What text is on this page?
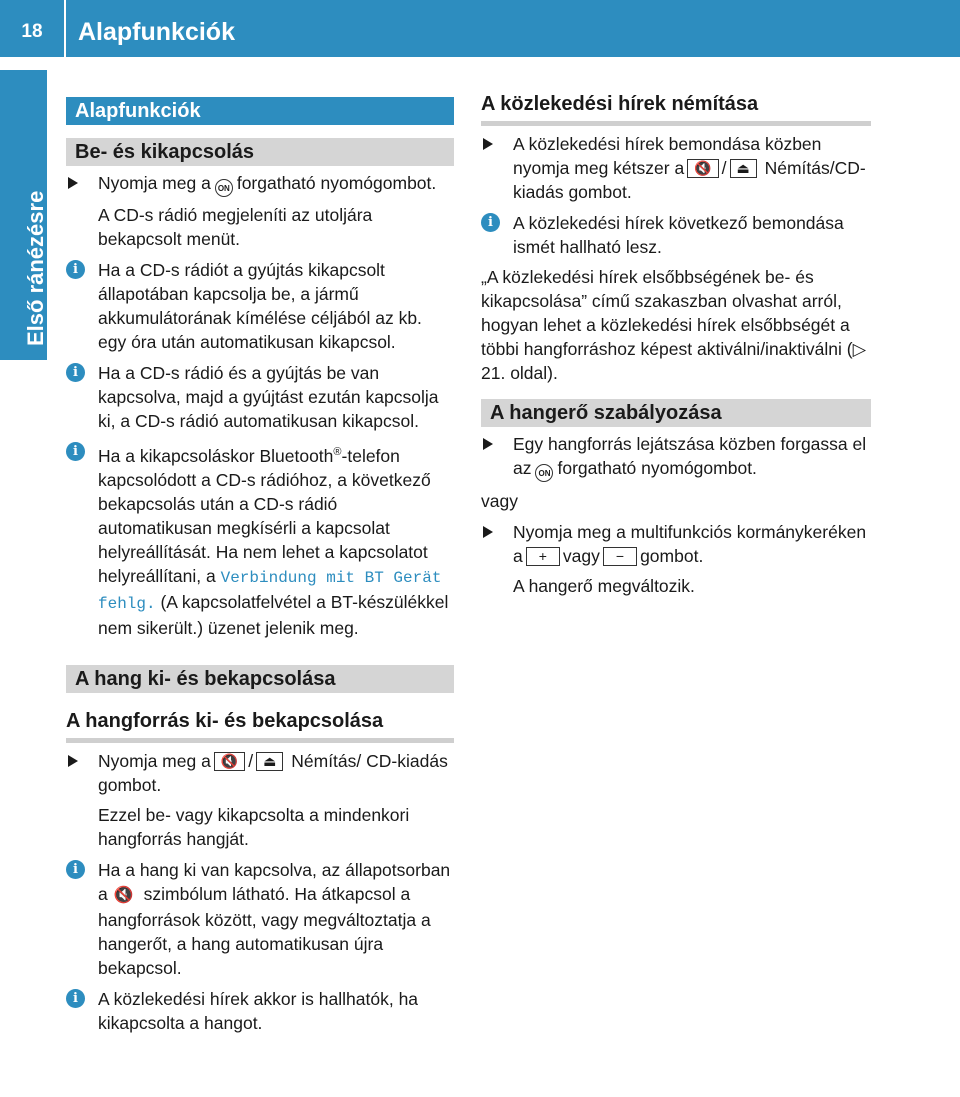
18	Alapfunkciók
Első ránézésre
Alapfunkciók
Be- és kikapcsolás
Nyomja meg a ON forgatható nyomógombot.
A CD-s rádió megjeleníti az utoljára bekapcsolt menüt.
i	Ha a CD-s rádiót a gyújtás kikapcsolt állapotában kapcsolja be, a jármű akkumulátorának kímélése céljából az kb. egy óra után automatikusan kikapcsol.
i	Ha a CD-s rádió és a gyújtás be van kapcsolva, majd a gyújtást ezután kapcsolja ki, a CD-s rádió automatikusan kikapcsol.
i	Ha a kikapcsoláskor Bluetooth®-telefon kapcsolódott a CD-s rádióhoz, a következő bekapcsolás után a CD-s rádió automatikusan megkísérli a kapcsolat helyreállítását. Ha nem lehet a kapcsolatot helyreállítani, a Verbindung mit BT Gerät fehlg. (A kapcsolatfelvétel a BT-készülékkel nem sikerült.) üzenet jelenik meg.
A hang ki- és bekapcsolása
A hangforrás ki- és bekapcsolása
Nyomja meg a 🔇 / ⏏ Némítás/ CD-kiadás gombot.
Ezzel be- vagy kikapcsolta a mindenkori hangforrás hangját.
i	Ha a hang ki van kapcsolva, az állapotsorban a 🔇 szimbólum látható. Ha átkapcsol a hangforrások között, vagy megváltoztatja a hangerőt, a hang automatikusan újra bekapcsol.
i	A közlekedési hírek akkor is hallhatók, ha kikapcsolta a hangot.
A közlekedési hírek némítása
A közlekedési hírek bemondása közben nyomja meg kétszer a 🔇 / ⏏ Némítás/CD-kiadás gombot.
i	A közlekedési hírek következő bemondása ismét hallható lesz.
„A közlekedési hírek elsőbbségének be- és kikapcsolása” című szakaszban olvashat arról, hogyan lehet a közlekedési hírek elsőbbségét a többi hangforráshoz képest aktiválni/inaktiválni (▷ 21. oldal).
A hangerő szabályozása
Egy hangforrás lejátszása közben forgassa el az ON forgatható nyomógombot.
vagy
Nyomja meg a multifunkciós kormánykeréken a + vagy − gombot.
A hangerő megváltozik.
